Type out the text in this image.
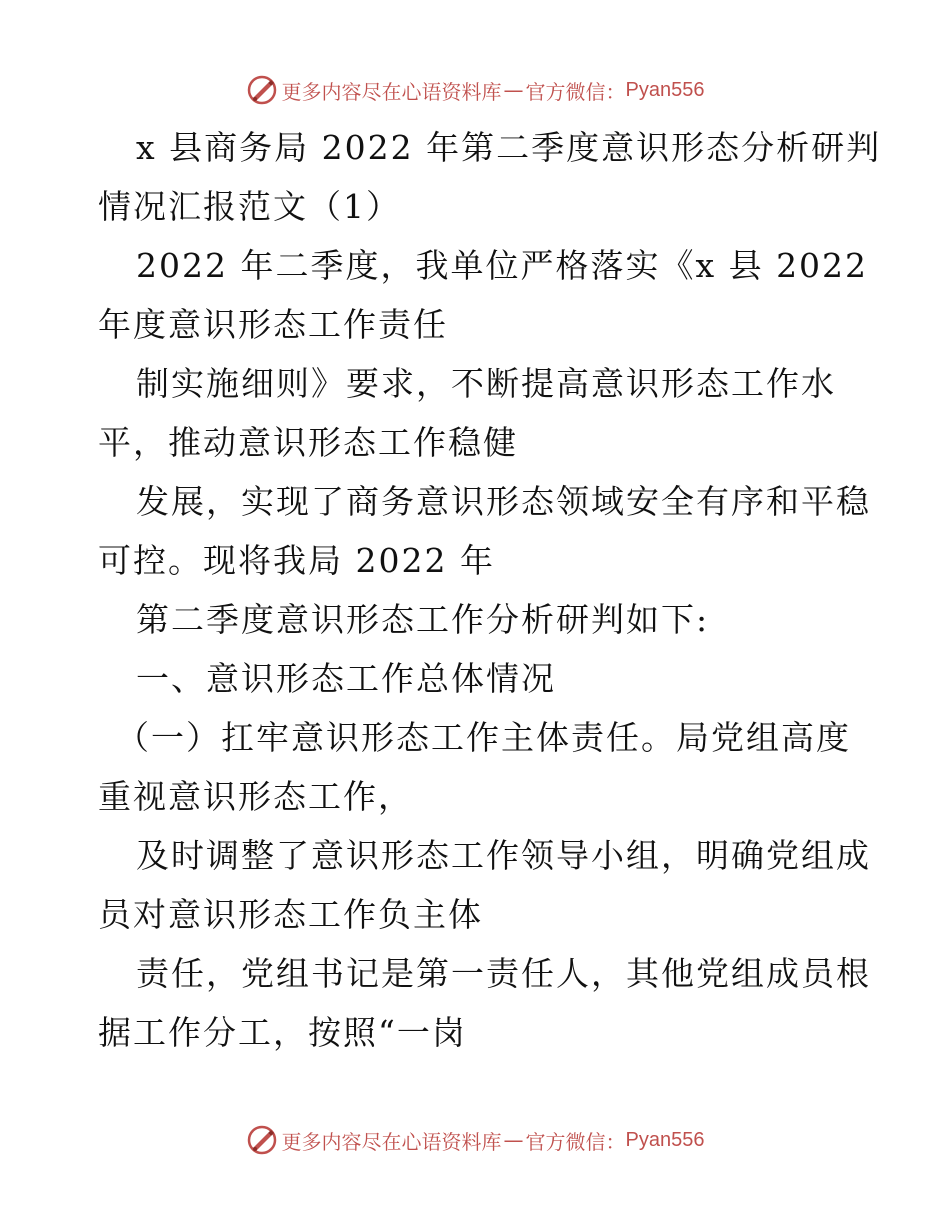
更多内容尽在心语资料库 — 官方微信： Pyan556
x 县商务局 2022 年第二季度意识形态分析研判
情况汇报范文（1）
2022 年二季度，我单位严格落实《x 县 2022
年度意识形态工作责任
制实施细则》要求，不断提高意识形态工作水
平，推动意识形态工作稳健
发展，实现了商务意识形态领域安全有序和平稳
可控。现将我局 2022 年
第二季度意识形态工作分析研判如下:
一、意识形态工作总体情况
（一）扛牢意识形态工作主体责任。局党组高度
重视意识形态工作，
及时调整了意识形态工作领导小组，明确党组成
员对意识形态工作负主体
责任，党组书记是第一责任人，其他党组成员根
据工作分工，按照“一岗
更多内容尽在心语资料库 — 官方微信： Pyan556
